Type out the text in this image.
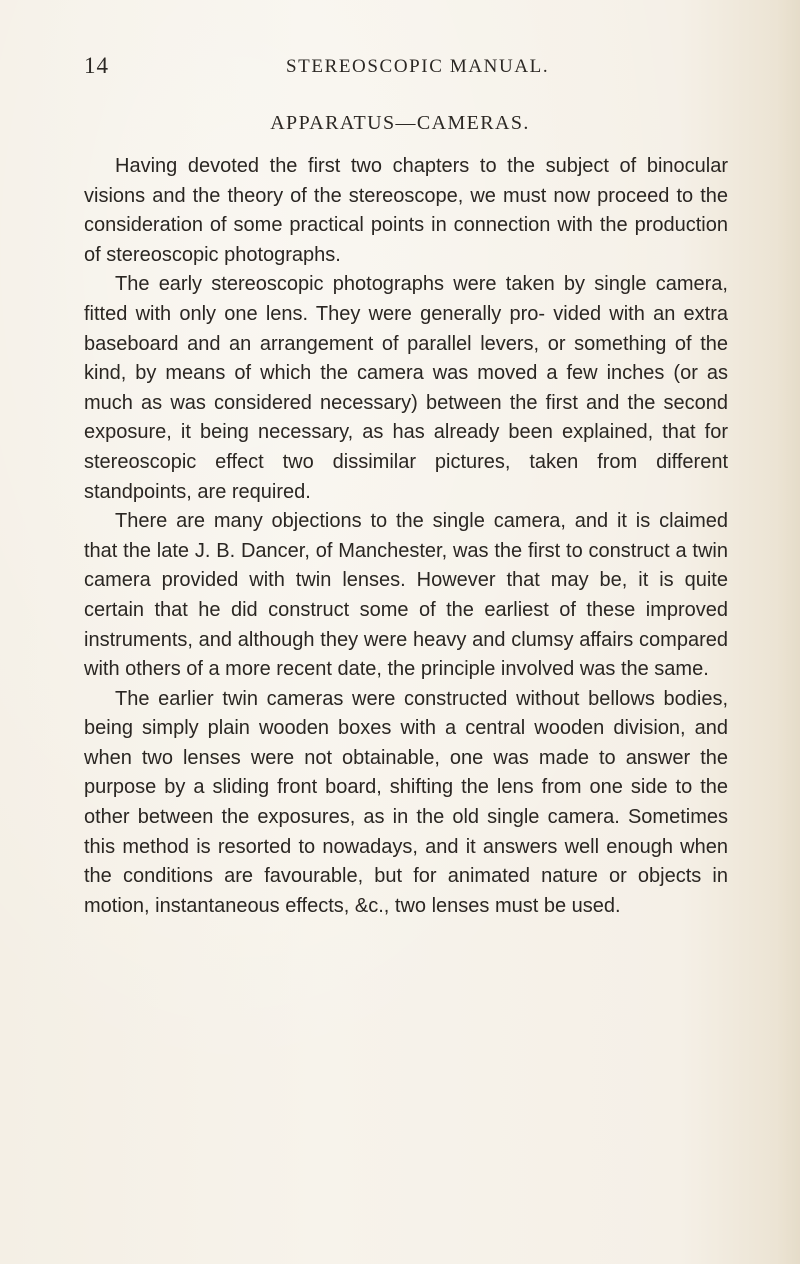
14	STEREOSCOPIC MANUAL.
APPARATUS—CAMERAS.

Having devoted the first two chapters to the subject of binocular visions and the theory of the stereoscope, we must now proceed to the consideration of some practical points in connection with the production of stereoscopic photographs.

The early stereoscopic photographs were taken by single camera, fitted with only one lens. They were generally pro- vided with an extra baseboard and an arrangement of parallel levers, or something of the kind, by means of which the camera was moved a few inches (or as much as was considered necessary) between the first and the second exposure, it being necessary, as has already been explained, that for stereoscopic effect two dissimilar pictures, taken from different standpoints, are required.

There are many objections to the single camera, and it is claimed that the late J. B. Dancer, of Manchester, was the first to construct a twin camera provided with twin lenses. However that may be, it is quite certain that he did construct some of the earliest of these improved instruments, and although they were heavy and clumsy affairs compared with others of a more recent date, the principle involved was the same.

The earlier twin cameras were constructed without bellows bodies, being simply plain wooden boxes with a central wooden division, and when two lenses were not obtainable, one was made to answer the purpose by a sliding front board, shifting the lens from one side to the other between the exposures, as in the old single camera. Sometimes this method is resorted to nowadays, and it answers well enough when the conditions are favourable, but for animated nature or objects in motion, instantaneous effects, &c., two lenses must be used.
